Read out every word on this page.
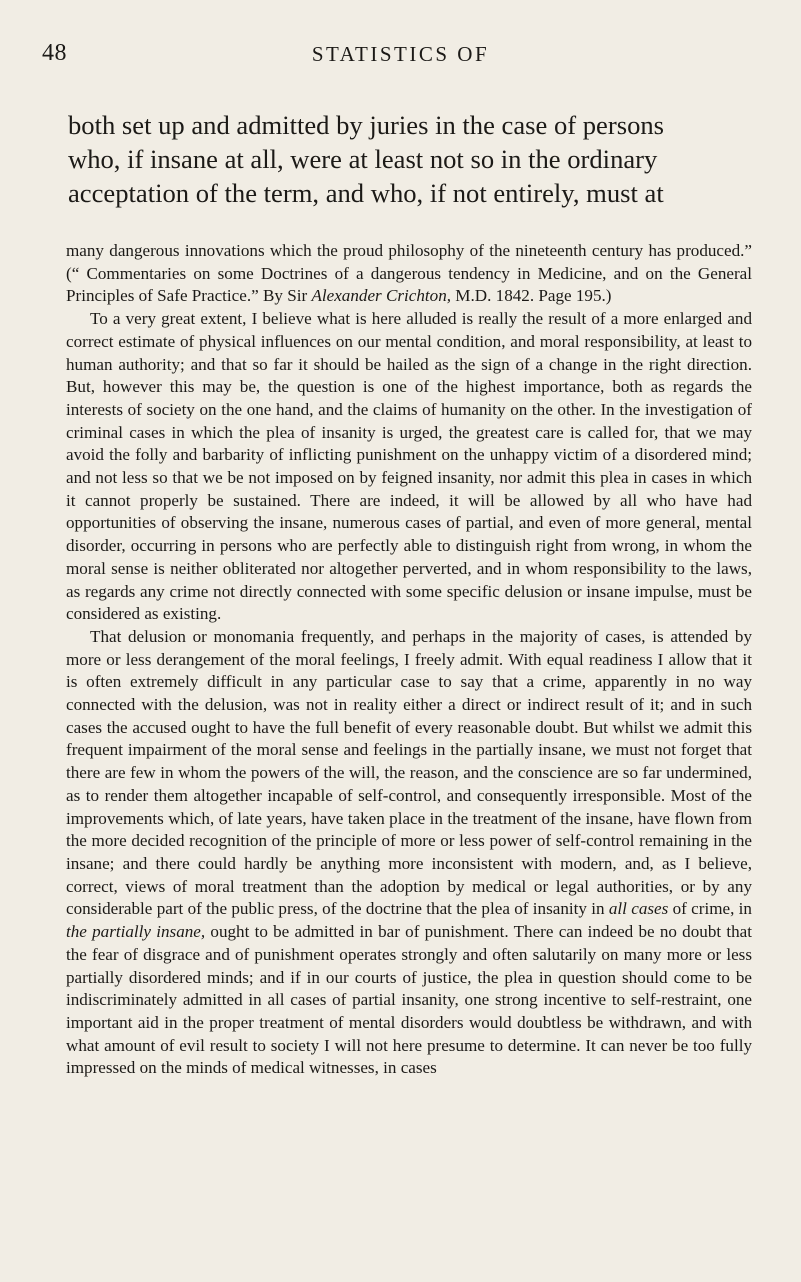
48	STATISTICS OF
both set up and admitted by juries in the case of persons
who, if insane at all, were at least not so in the ordinary
acceptation of the term, and who, if not entirely, must at

many dangerous innovations which the proud philosophy of the nineteenth century has produced.” (“ Commentaries on some Doctrines of a dangerous tendency in Medicine, and on the General Principles of Safe Practice.” By Sir Alexander Crichton, M.D. 1842. Page 195.)

To a very great extent, I believe what is here alluded is really the result of a more enlarged and correct estimate of physical influences on our mental condition, and moral responsibility, at least to human authority; and that so far it should be hailed as the sign of a change in the right direction. But, however this may be, the question is one of the highest importance, both as regards the interests of society on the one hand, and the claims of humanity on the other. In the investigation of criminal cases in which the plea of insanity is urged, the greatest care is called for, that we may avoid the folly and barbarity of inflicting punishment on the unhappy victim of a disordered mind; and not less so that we be not imposed on by feigned insanity, nor admit this plea in cases in which it cannot properly be sustained. There are indeed, it will be allowed by all who have had opportunities of observing the insane, numerous cases of partial, and even of more general, mental disorder, occurring in persons who are perfectly able to distinguish right from wrong, in whom the moral sense is neither obliterated nor altogether perverted, and in whom responsibility to the laws, as regards any crime not directly connected with some specific delusion or insane impulse, must be considered as existing.

That delusion or monomania frequently, and perhaps in the majority of cases, is attended by more or less derangement of the moral feelings, I freely admit. With equal readiness I allow that it is often extremely difficult in any particular case to say that a crime, apparently in no way connected with the delusion, was not in reality either a direct or indirect result of it; and in such cases the accused ought to have the full benefit of every reasonable doubt. But whilst we admit this frequent impairment of the moral sense and feelings in the partially insane, we must not forget that there are few in whom the powers of the will, the reason, and the conscience are so far undermined, as to render them altogether incapable of self-control, and consequently irresponsible. Most of the improvements which, of late years, have taken place in the treatment of the insane, have flown from the more decided recognition of the principle of more or less power of self-control remaining in the insane; and there could hardly be anything more inconsistent with modern, and, as I believe, correct, views of moral treatment than the adoption by medical or legal authorities, or by any considerable part of the public press, of the doctrine that the plea of insanity in all cases of crime, in the partially insane, ought to be admitted in bar of punishment. There can indeed be no doubt that the fear of disgrace and of punishment operates strongly and often salutarily on many more or less partially disordered minds; and if in our courts of justice, the plea in question should come to be indiscriminately admitted in all cases of partial insanity, one strong incentive to self-restraint, one important aid in the proper treatment of mental disorders would doubtless be withdrawn, and with what amount of evil result to society I will not here presume to determine. It can never be too fully impressed on the minds of medical witnesses, in cases
